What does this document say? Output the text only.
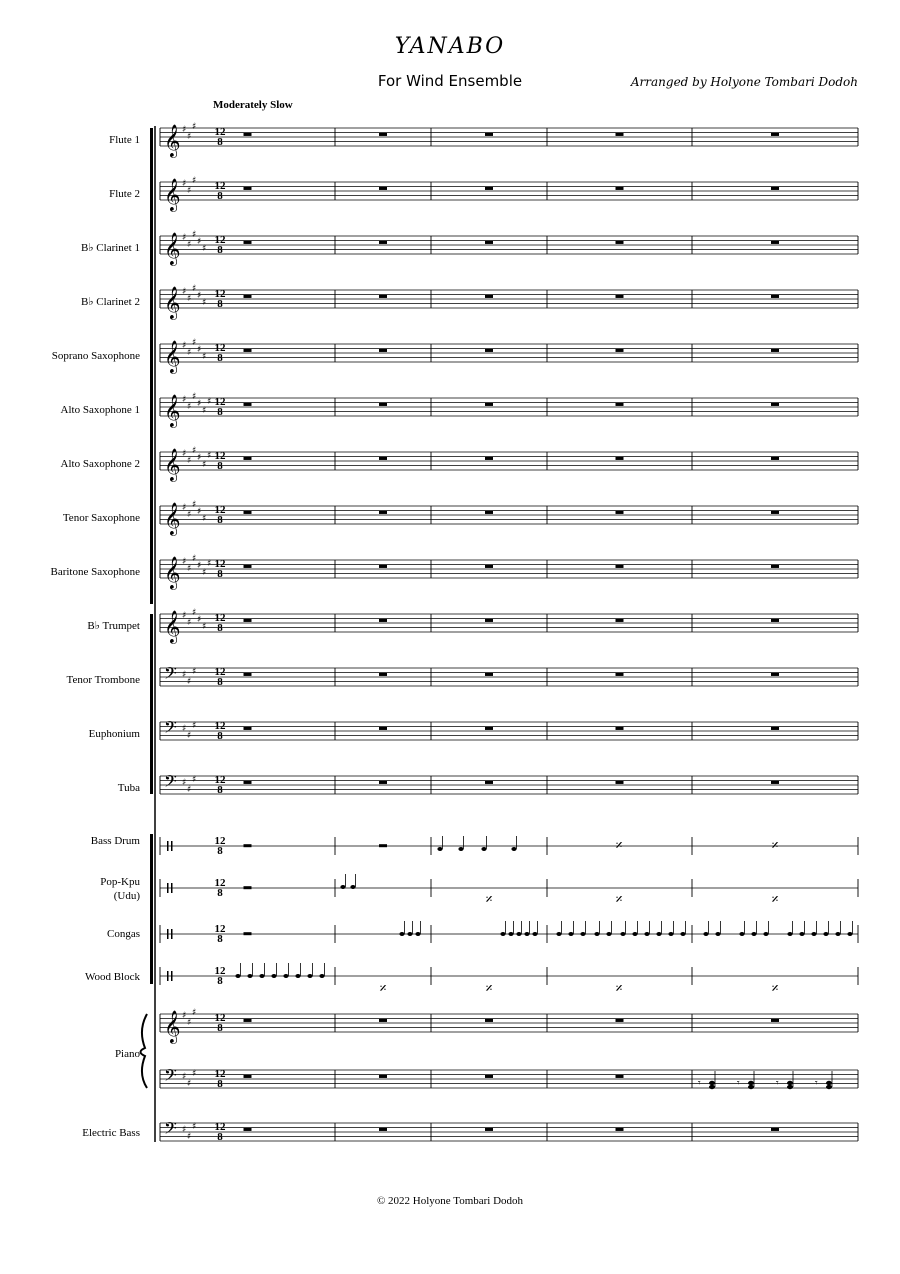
YANABO
For Wind Ensemble	Arranged by Holyone Tombari Dodoh
Moderately Slow
Flute 1
Flute 2
B♭ Clarinet 1
B♭ Clarinet 2
Soprano Saxophone
Alto Saxophone 1
Alto Saxophone 2
Tenor Saxophone
Baritone Saxophone
B♭ Trumpet
Tenor Trombone
Euphonium
Tuba
Bass Drum
Pop-Kpu
(Udu)
Congas
Wood Block
Piano
Electric Bass
𝄞 ♯
♯
♯ 12
8
𝄞 ♯
♯
♯ 12
8
𝄞 ♯
♯
♯
♯
♯
12
8
𝄞 ♯
♯
♯
♯
♯
12
8
𝄞 ♯
♯
♯
♯
♯
12
8
𝄞 ♯
♯
♯
♯
♯
♯ 12
8
𝄞 ♯
♯
♯
♯
♯
♯ 12
8
𝄞 ♯
♯
♯
♯
♯
12
8
𝄞 ♯
♯
♯
♯
♯
♯ 12
8
𝄞 ♯
♯
♯
♯
♯
12
8
𝄢 ♯
♯
♯ 12
8
𝄢 ♯
♯
♯ 12
8
𝄢 ♯
♯
♯ 12
8
𝄞 ♯
♯
♯ 12
8
𝄢 ♯
♯
♯ 12
8
𝄢 ♯
♯
♯ 12
8
𝄾	𝄾	𝄾	𝄾
12
8
12
8
12
8
12
8
𝄎	𝄎
𝄎	𝄎	𝄎
𝄎	𝄎	𝄎	𝄎
© 2022 Holyone Tombari Dodoh
